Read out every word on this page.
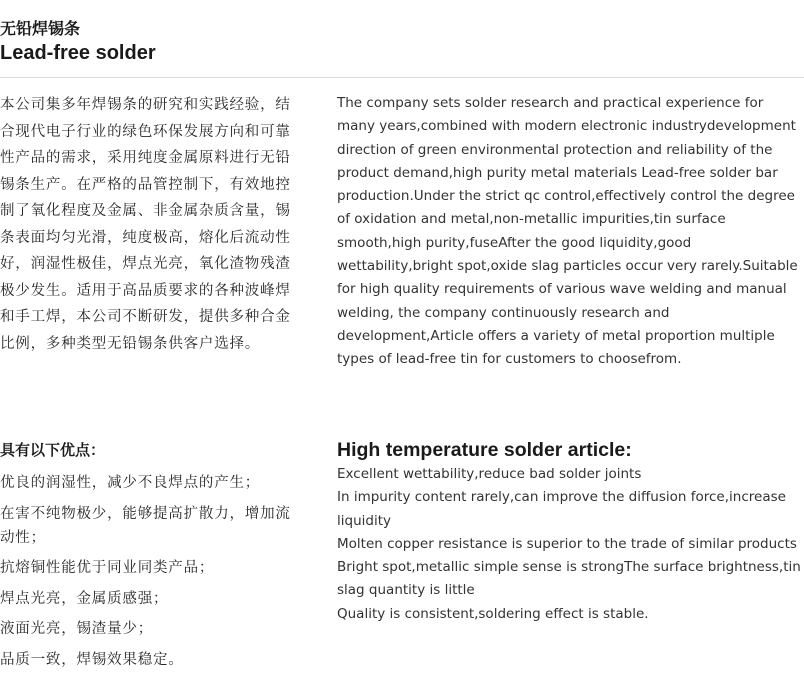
无铅焊锡条
Lead-free solder

本公司集多年焊锡条的研究和实践经验，结合现代电子行业的绿色环保发展方向和可靠性产品的需求，采用纯度金属原料进行无铅锡条生产。在严格的品管控制下，有效地控制了氧化程度及金属、非金属杂质含量，锡条表面均匀光滑，纯度极高，熔化后流动性好，润湿性极佳，焊点光亮，氧化渣物残渣极少发生。适用于高品质要求的各种波峰焊和手工焊，本公司不断研发，提供多种合金比例，多种类型无铅锡条供客户选择。

The company sets solder research and practical experience for many years,combined with modern electronic industrydevelopment direction of green environmental protection and reliability of the product demand,high purity metal materials Lead-free solder bar production.Under the strict qc control,effectively control the degree of oxidation and metal,non-metallic impurities,tin surface smooth,high purity,fuseAfter the good liquidity,good wettability,bright spot,oxide slag particles occur very rarely.Suitable for high quality requirements of various wave welding and manual welding, the company continuously research and development,Article offers a variety of metal proportion multiple types of lead-free tin for customers to choosefrom.

具有以下优点：
优良的润湿性，减少不良焊点的产生；
在害不纯物极少，能够提高扩散力，增加流动性；
抗熔铜性能优于同业同类产品；
焊点光亮，金属质感强；
液面光亮，锡渣量少；
品质一致，焊锡效果稳定。
High temperature solder article:
Excellent wettability,reduce bad solder joints
In impurity content rarely,can improve the diffusion force,increase liquidity
Molten copper resistance is superior to the trade of similar products
Bright spot,metallic simple sense is strongThe surface brightness,tin slag quantity is little
Quality is consistent,soldering effect is stable.
